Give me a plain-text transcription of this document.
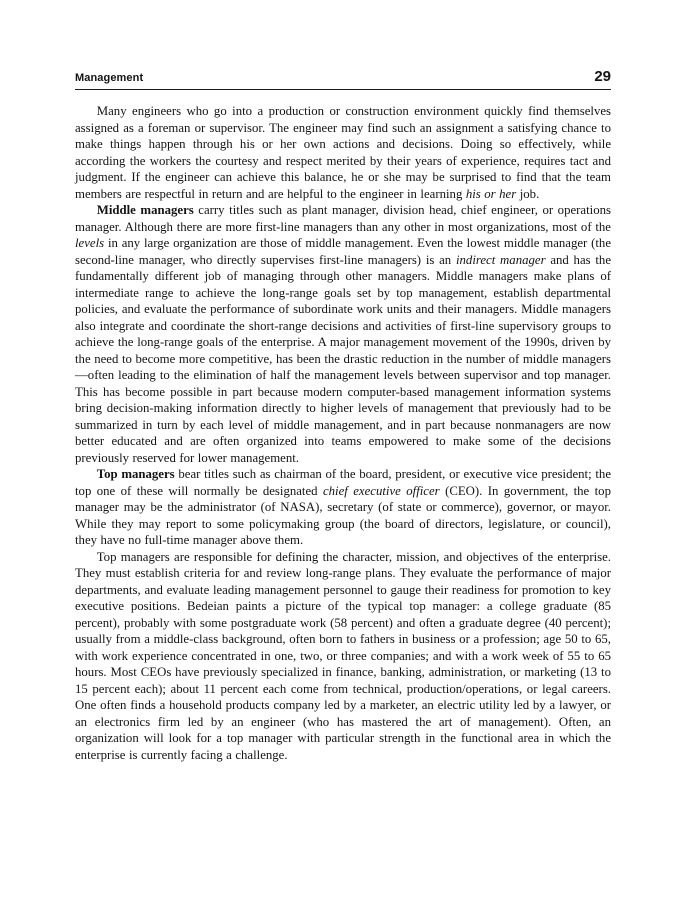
Management	29

Many engineers who go into a production or construction environment quickly find themselves assigned as a foreman or supervisor. The engineer may find such an assignment a satisfying chance to make things happen through his or her own actions and decisions. Doing so effectively, while according the workers the courtesy and respect merited by their years of experience, requires tact and judgment. If the engineer can achieve this balance, he or she may be surprised to find that the team members are respectful in return and are helpful to the engineer in learning his or her job.

Middle managers carry titles such as plant manager, division head, chief engineer, or operations manager. Although there are more first-line managers than any other in most organizations, most of the levels in any large organization are those of middle management. Even the lowest middle manager (the second-line manager, who directly supervises first-line managers) is an indirect manager and has the fundamentally different job of managing through other managers. Middle managers make plans of intermediate range to achieve the long-range goals set by top management, establish departmental policies, and evaluate the performance of subordinate work units and their managers. Middle managers also integrate and coordinate the short-range decisions and activities of first-line supervisory groups to achieve the long-range goals of the enterprise. A major management movement of the 1990s, driven by the need to become more competitive, has been the drastic reduction in the number of middle managers—often leading to the elimination of half the management levels between supervisor and top manager. This has become possible in part because modern computer-based management information systems bring decision-making information directly to higher levels of management that previously had to be summarized in turn by each level of middle management, and in part because nonmanagers are now better educated and are often organized into teams empowered to make some of the decisions previously reserved for lower management.

Top managers bear titles such as chairman of the board, president, or executive vice president; the top one of these will normally be designated chief executive officer (CEO). In government, the top manager may be the administrator (of NASA), secretary (of state or commerce), governor, or mayor. While they may report to some policymaking group (the board of directors, legislature, or council), they have no full-time manager above them.

Top managers are responsible for defining the character, mission, and objectives of the enterprise. They must establish criteria for and review long-range plans. They evaluate the performance of major departments, and evaluate leading management personnel to gauge their readiness for promotion to key executive positions. Bedeian paints a picture of the typical top manager: a college graduate (85 percent), probably with some postgraduate work (58 percent) and often a graduate degree (40 percent); usually from a middle-class background, often born to fathers in business or a profession; age 50 to 65, with work experience concentrated in one, two, or three companies; and with a work week of 55 to 65 hours. Most CEOs have previously specialized in finance, banking, administration, or marketing (13 to 15 percent each); about 11 percent each come from technical, production/operations, or legal careers. One often finds a household products company led by a marketer, an electric utility led by a lawyer, or an electronics firm led by an engineer (who has mastered the art of management). Often, an organization will look for a top manager with particular strength in the functional area in which the enterprise is currently facing a challenge.
